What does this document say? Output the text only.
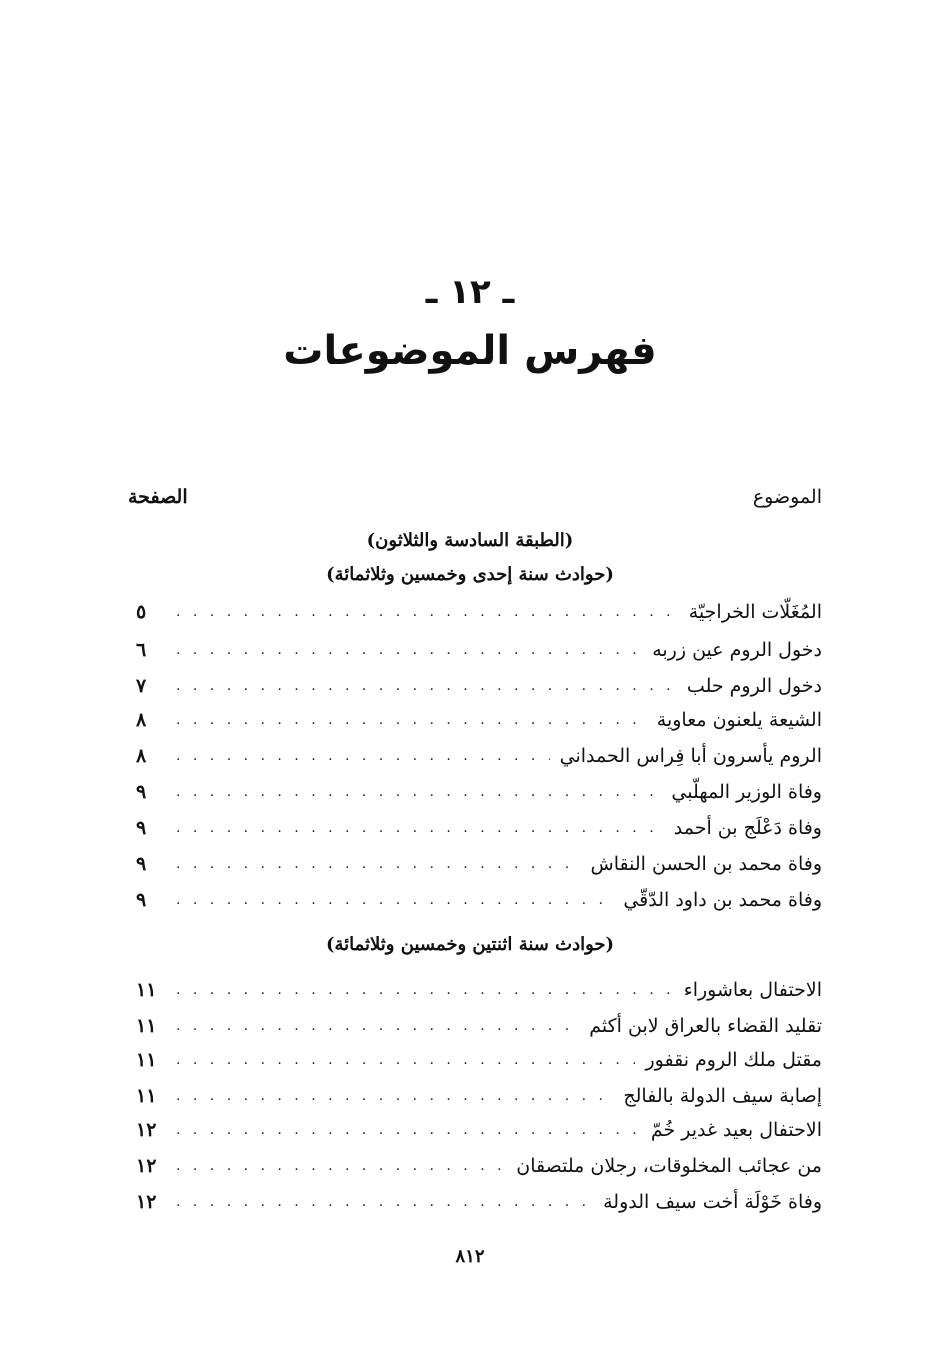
ـ ١٢ ـ
فهرس الموضوعات
الموضوع
الصفحة
(الطبقة السادسة والثلاثون)
(حوادث سنة إحدى وخمسين وثلاثمائة)
المُغَلّات الخراجيّة
. . .
٥
دخول الروم عين زربه
. . .
٦
دخول الروم حلب
. . .
٧
الشيعة يلعنون معاوية
. . .
٨
الروم يأسرون أبا فِراس الحمداني
. . .
٨
وفاة الوزير المهلّبي
. . .
٩
وفاة دَعْلَج بن أحمد
. . .
٩
وفاة محمد بن الحسن النقاش
. . .
٩
وفاة محمد بن داود الدّقّي
. . .
٩
(حوادث سنة اثنتين وخمسين وثلاثمائة)
الاحتفال بعاشوراء
. . .
١١
تقليد القضاء بالعراق لابن أكثم
. . .
١١
مقتل ملك الروم نقفور
. . .
١١
إصابة سيف الدولة بالفالج
. . .
١١
الاحتفال بعيد غدير خُمّ
. . .
١٢
من عجائب المخلوقات، رجلان ملتصقان
. . .
١٢
وفاة خَوْلَة أخت سيف الدولة
. . .
١٢
٨١٢
